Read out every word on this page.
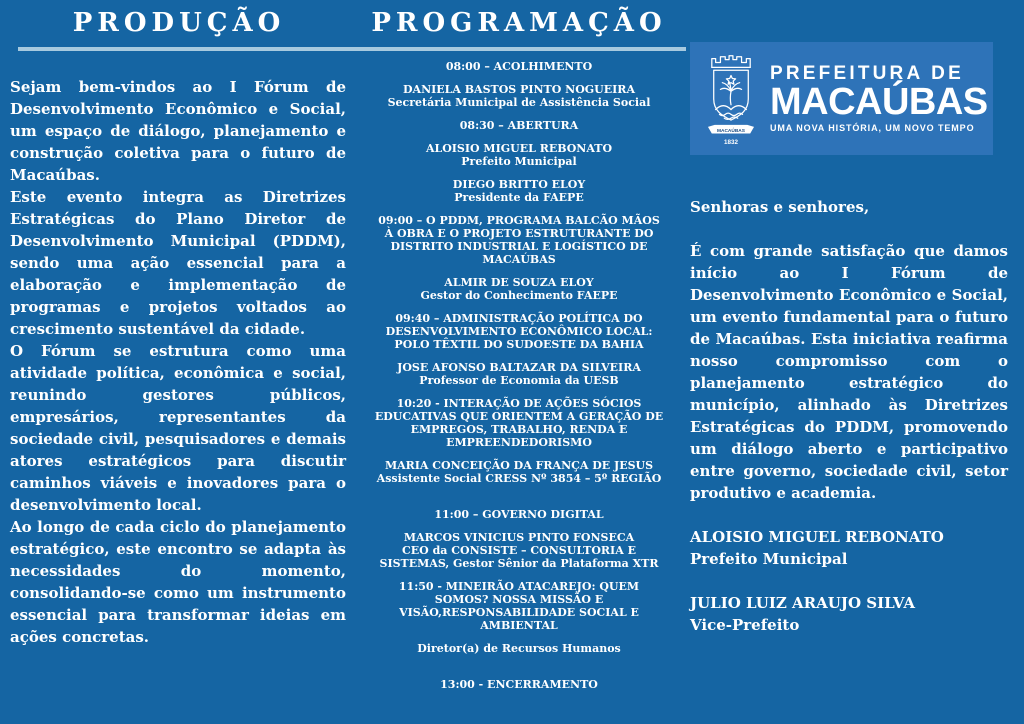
PRODUÇÃO

Sejam bem-vindos ao I Fórum de Desenvolvimento Econômico e Social, um espaço de diálogo, planejamento e construção coletiva para o futuro de Macaúbas.

Este evento integra as Diretrizes Estratégicas do Plano Diretor de Desenvolvimento Municipal (PDDM), sendo uma ação essencial para a elaboração e implementação de programas e projetos voltados ao crescimento sustentável da cidade.

O Fórum se estrutura como uma atividade política, econômica e social, reunindo gestores públicos, empresários, representantes da sociedade civil, pesquisadores e demais atores estratégicos para discutir caminhos viáveis e inovadores para o desenvolvimento local.

Ao longo de cada ciclo do planejamento estratégico, este encontro se adapta às necessidades do momento, consolidando-se como um instrumento essencial para transformar ideias em ações concretas.

PROGRAMAÇÃO
08:00 – ACOLHIMENTO
DANIELA BASTOS PINTO NOGUEIRA
Secretária Municipal de Assistência Social
08:30 – ABERTURA
ALOISIO MIGUEL REBONATO
Prefeito Municipal
DIEGO BRITTO ELOY
Presidente da FAEPE
09:00 – O PDDM, PROGRAMA BALCÃO MÃOS À OBRA E O PROJETO ESTRUTURANTE DO DISTRITO INDUSTRIAL E LOGÍSTICO DE MACAÚBAS
ALMIR DE SOUZA ELOY
Gestor do Conhecimento FAEPE
09:40 – ADMINISTRAÇÃO POLÍTICA DO DESENVOLVIMENTO ECONÔMICO LOCAL: POLO TÊXTIL DO SUDOESTE DA BAHIA
JOSE AFONSO BALTAZAR DA SILVEIRA
Professor de Economia da UESB
10:20 - INTERAÇÃO DE AÇÕES SÓCIOS EDUCATIVAS QUE ORIENTEM A GERAÇÃO DE EMPREGOS, TRABALHO, RENDA E EMPREENDEDORISMO
MARIA CONCEIÇÃO DA FRANÇA DE JESUS
Assistente Social CRESS Nº 3854 – 5º REGIÃO
11:00 – GOVERNO DIGITAL
MARCOS VINICIUS PINTO FONSECA
CEO da CONSISTE – CONSULTORIA E SISTEMAS, Gestor Sênior da Plataforma XTR
11:50 - MINEIRÃO ATACAREJO: QUEM SOMOS? NOSSA MISSÃO E VISÃO,RESPONSABILIDADE SOCIAL E AMBIENTAL
Diretor(a) de Recursos Humanos
13:00 - ENCERRAMENTO
MACAÚBAS
1832
PREFEITURA DE
MACAÚBAS
UMA NOVA HISTÓRIA, UM NOVO TEMPO

Senhoras e senhores,

É com grande satisfação que damos início ao I Fórum de Desenvolvimento Econômico e Social, um evento fundamental para o futuro de Macaúbas. Esta iniciativa reafirma nosso compromisso com o planejamento estratégico do município, alinhado às Diretrizes Estratégicas do PDDM, promovendo um diálogo aberto e participativo entre governo, sociedade civil, setor produtivo e academia.

ALOISIO MIGUEL REBONATO
Prefeito Municipal
JULIO LUIZ ARAUJO SILVA
Vice-Prefeito
